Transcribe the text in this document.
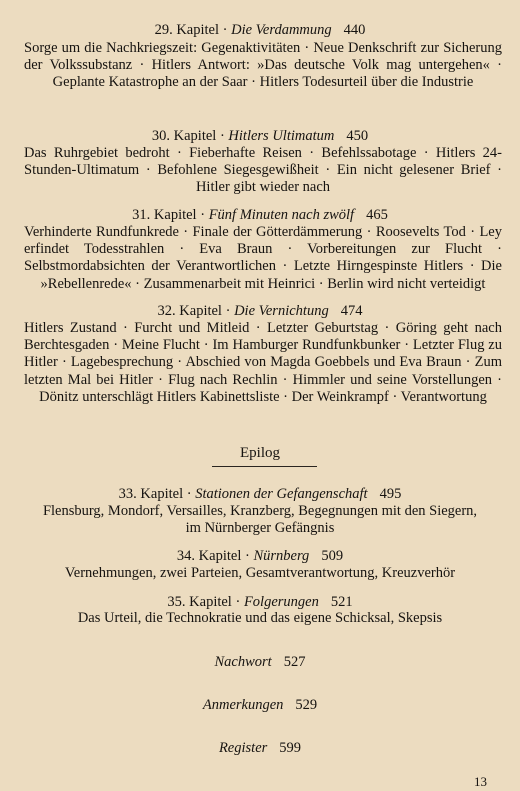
29. Kapitel · Die Verdammung 440
Sorge um die Nachkriegszeit: Gegenaktivitäten · Neue Denkschrift zur Sicherung der Volkssubstanz · Hitlers Antwort: »Das deutsche Volk mag untergehen« · Geplante Katastrophe an der Saar · Hitlers Todesurteil über die Industrie
30. Kapitel · Hitlers Ultimatum 450
Das Ruhrgebiet bedroht · Fieberhafte Reisen · Befehlssabotage · Hitlers 24-Stunden-Ultimatum · Befohlene Siegesgewißheit · Ein nicht gelesener Brief · Hitler gibt wieder nach
31. Kapitel · Fünf Minuten nach zwölf 465
Verhinderte Rundfunkrede · Finale der Götterdämmerung · Roosevelts Tod · Ley erfindet Todesstrahlen · Eva Braun · Vorbereitungen zur Flucht · Selbstmordabsichten der Verantwortlichen · Letzte Hirngespinste Hitlers · Die »Rebellenrede« · Zusammenarbeit mit Heinrici · Berlin wird nicht verteidigt
32. Kapitel · Die Vernichtung 474
Hitlers Zustand · Furcht und Mitleid · Letzter Geburtstag · Göring geht nach Berchtesgaden · Meine Flucht · Im Hamburger Rundfunkbunker · Letzter Flug zu Hitler · Lagebesprechung · Abschied von Magda Goebbels und Eva Braun · Zum letzten Mal bei Hitler · Flug nach Rechlin · Himmler und seine Vorstellungen · Dönitz unterschlägt Hitlers Kabinettsliste · Der Weinkrampf · Verantwortung
Epilog
33. Kapitel · Stationen der Gefangenschaft 495
Flensburg, Mondorf, Versailles, Kranzberg, Begegnungen mit den Siegern,
im Nürnberger Gefängnis
34. Kapitel · Nürnberg 509
Vernehmungen, zwei Parteien, Gesamtverantwortung, Kreuzverhör
35. Kapitel · Folgerungen 521
Das Urteil, die Technokratie und das eigene Schicksal, Skepsis
Nachwort 527
Anmerkungen 529
Register 599
13
